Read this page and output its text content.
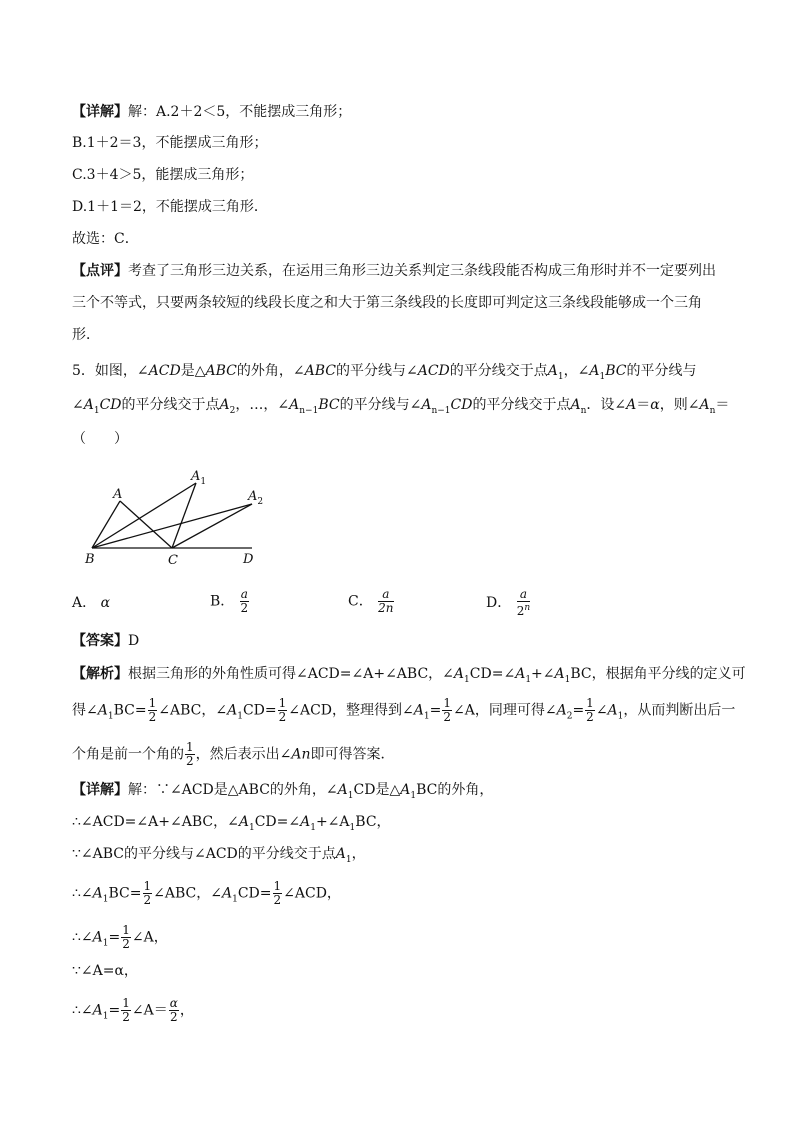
【详解】解：A.2＋2＜5，不能摆成三角形；
B.1＋2＝3，不能摆成三角形；
C.3＋4＞5，能摆成三角形；
D.1＋1＝2，不能摆成三角形．
故选：C．
【点评】考查了三角形三边关系，在运用三角形三边关系判定三条线段能否构成三角形时并不一定要列出
三个不等式，只要两条较短的线段长度之和大于第三条线段的长度即可判定这三条线段能够成一个三角
形．
5．如图，∠ACD是△ABC的外角，∠ABC的平分线与∠ACD的平分线交于点$A_1$，$\angle A_1BC$的平分线与
$\angle A_1CD$的平分线交于点$A_2$，…，$\angle A_{n-1}BC$的平分线与$\angle A_{n-1}CD$的平分线交于点$A_n$．设∠A＝α，则$\angle A_n=$
（　　）
A
$A_1$
$A_2$
B	C	D
A． α	B． $\frac{a}{2}$	C． $\frac{a}{2n}$	D． $\frac{a}{2^n}$
【答案】D
【解析】根据三角形的外角性质可得∠ACD=∠A+∠ABC，$\angle A_1CD=\angle A_1+\angle A_1BC$，根据角平分线的定义可
得$\angle A_1BC= \frac{1}{2}$ ∠ABC，$\angle A_1CD= \frac{1}{2}$ ∠ACD，整理得到$\angle A_1= \frac{1}{2}$ ∠A，同理可得$\angle A_2= \frac{1}{2}$ $\angle A_1$，从而判断出后一
个角是前一个角的 $\frac{1}{2}$ ，然后表示出∠An即可得答案．
【详解】解：∵∠ACD是△ABC的外角，$\angle A_1CD$是$\triangle A_1BC$的外角，
∴∠ACD=∠A+∠ABC，$\angle A_1CD=\angle A_1+\angle A_1BC$，
∵∠ABC的平分线与∠ACD的平分线交于点$A_1$，
$\therefore\angle A_1BC= \frac{1}{2}$ ∠ABC，$\angle A_1CD= \frac{1}{2}$ ∠ACD，
$\therefore\angle A_1= \frac{1}{2}$ ∠A，
∵∠A=α，
$\therefore\angle A_1= \frac{1}{2}$ ∠A＝ $\frac{\alpha}{2}$ ，
